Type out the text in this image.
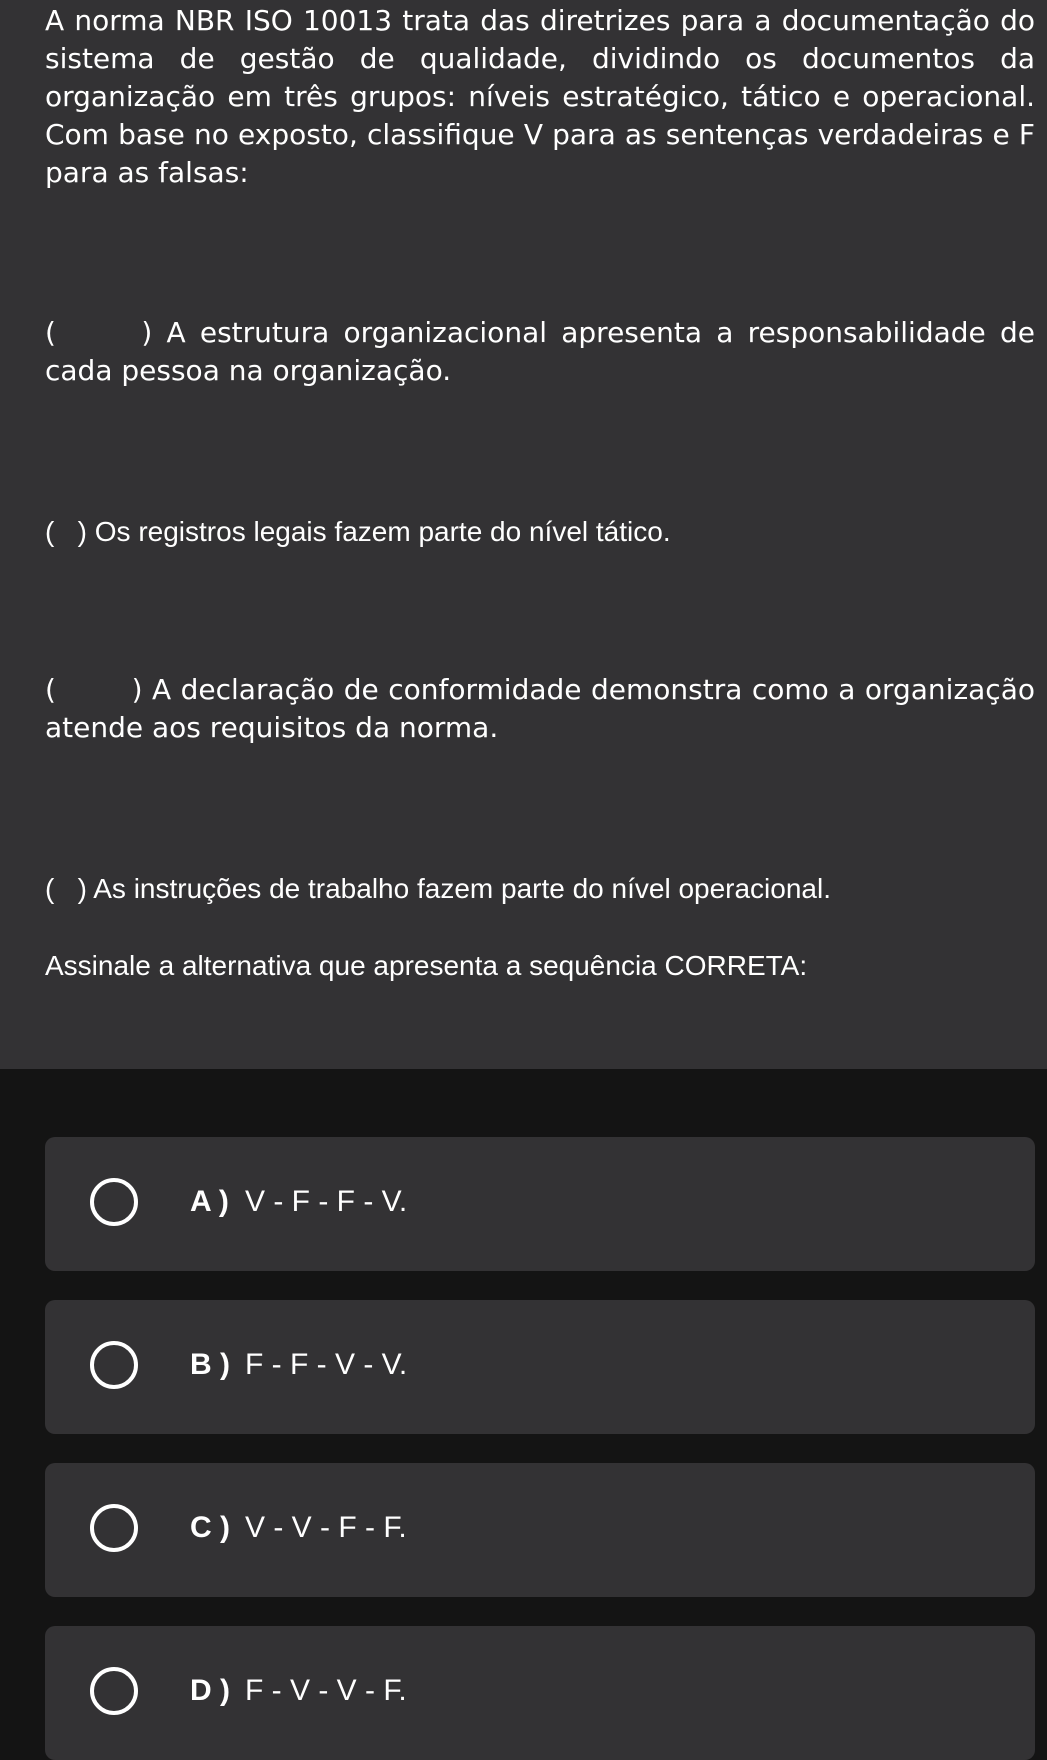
A norma NBR ISO 10013 trata das diretrizes para a documentação do sistema de gestão de qualidade, dividindo os documentos da organização em três grupos: níveis estratégico, tático e operacional. Com base no exposto, classifique V para as sentenças verdadeiras e F para as falsas:

(      ) A estrutura organizacional apresenta a responsabilidade de cada pessoa na organização.

(   ) Os registros legais fazem parte do nível tático.

(        ) A declaração de conformidade demonstra como a organização atende aos requisitos da norma.

(   ) As instruções de trabalho fazem parte do nível operacional.

Assinale a alternativa que apresenta a sequência CORRETA:

A ) V - F - F - V.
B ) F - F - V - V.
C ) V - V - F - F.
D ) F - V - V - F.
